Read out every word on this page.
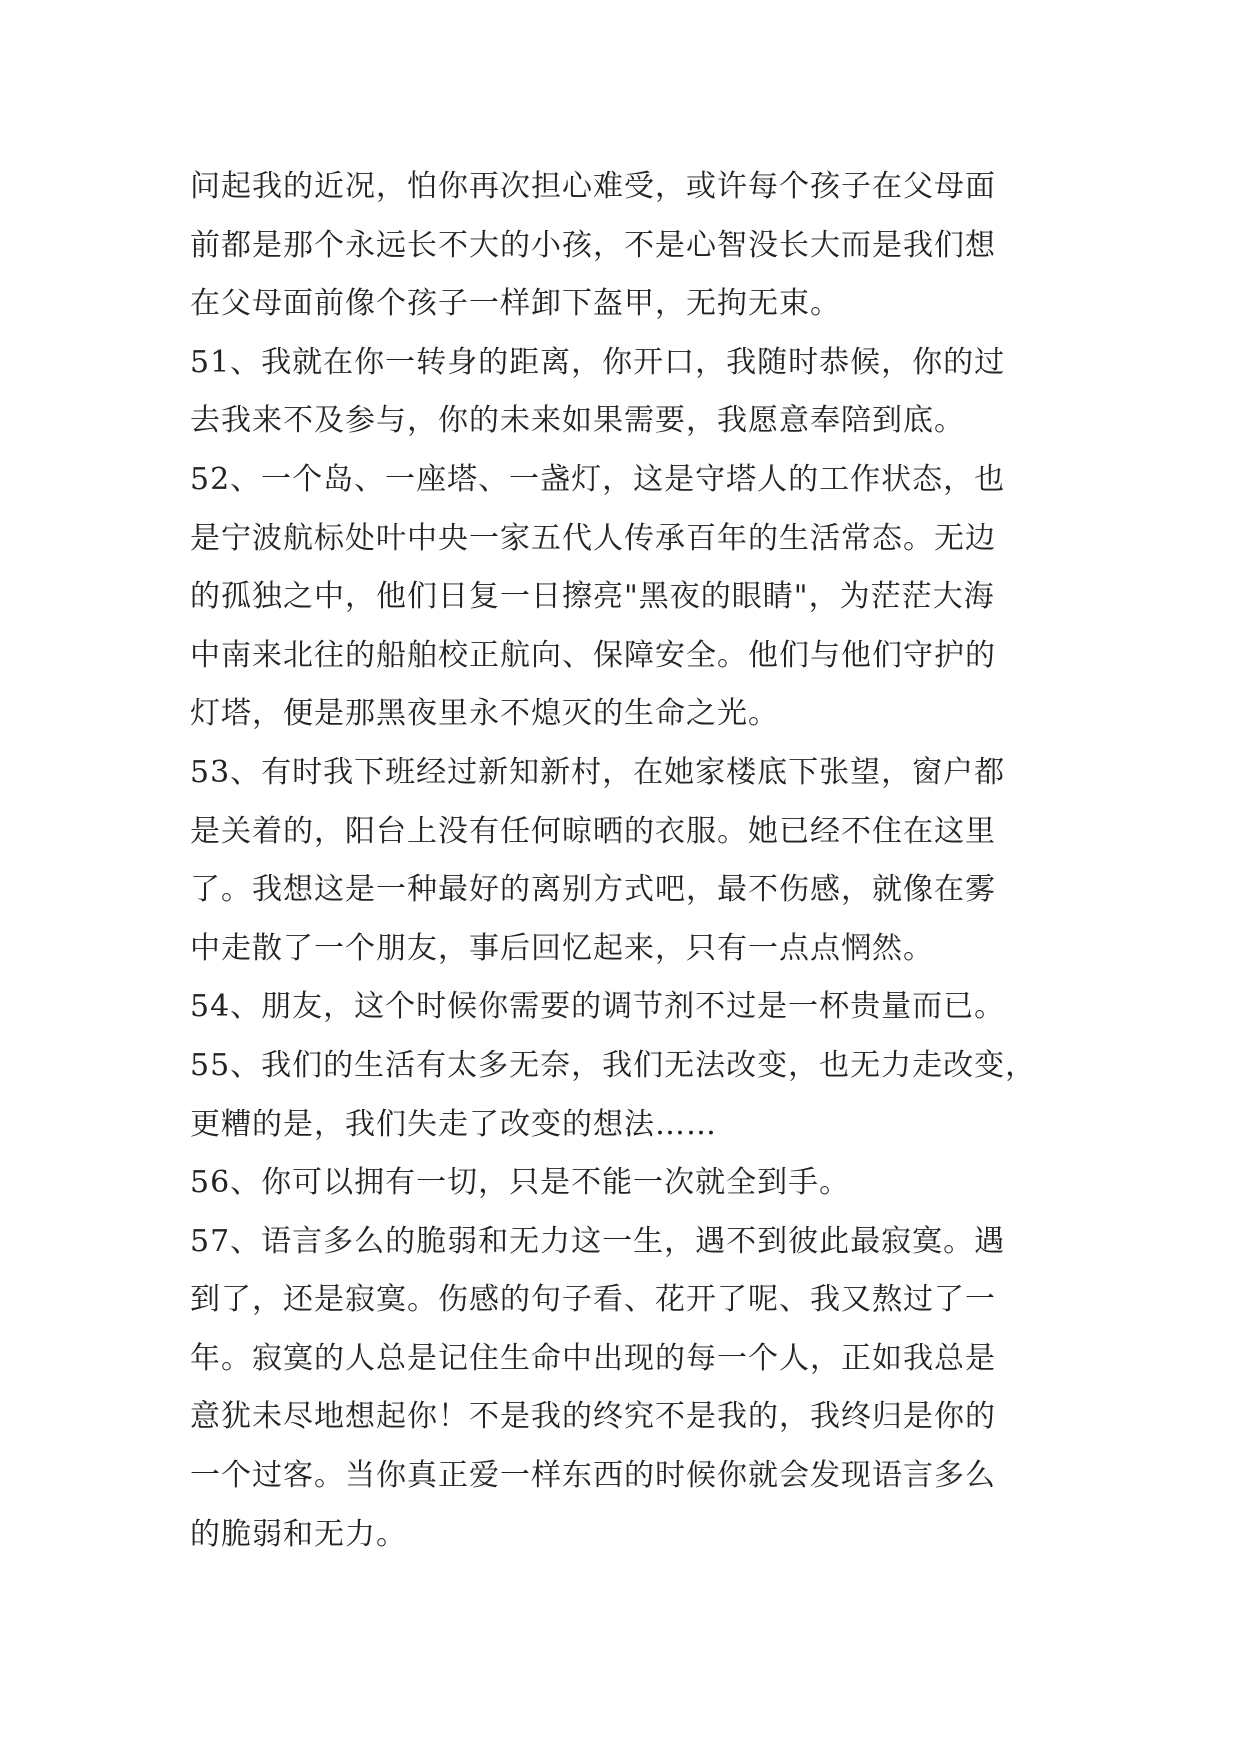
问起我的近况，怕你再次担心难受，或许每个孩子在父母面
前都是那个永远长不大的小孩，不是心智没长大而是我们想
在父母面前像个孩子一样卸下盔甲，无拘无束。
51、我就在你一转身的距离，你开口，我随时恭候，你的过
去我来不及参与，你的未来如果需要，我愿意奉陪到底。
52、一个岛、一座塔、一盏灯，这是守塔人的工作状态，也
是宁波航标处叶中央一家五代人传承百年的生活常态。无边
的孤独之中，他们日复一日擦亮"黑夜的眼睛"，为茫茫大海
中南来北往的船舶校正航向、保障安全。他们与他们守护的
灯塔，便是那黑夜里永不熄灭的生命之光。
53、有时我下班经过新知新村，在她家楼底下张望，窗户都
是关着的，阳台上没有任何晾晒的衣服。她已经不住在这里
了。我想这是一种最好的离别方式吧，最不伤感，就像在雾
中走散了一个朋友，事后回忆起来，只有一点点惘然。
54、朋友，这个时候你需要的调节剂不过是一杯贵量而已。
55、我们的生活有太多无奈，我们无法改变，也无力走改变，
更糟的是，我们失走了改变的想法……
56、你可以拥有一切，只是不能一次就全到手。
57、语言多么的脆弱和无力这一生，遇不到彼此最寂寞。遇
到了，还是寂寞。伤感的句子看、花开了呢、我又熬过了一
年。寂寞的人总是记住生命中出现的每一个人，正如我总是
意犹未尽地想起你！不是我的终究不是我的，我终归是你的
一个过客。当你真正爱一样东西的时候你就会发现语言多么
的脆弱和无力。
